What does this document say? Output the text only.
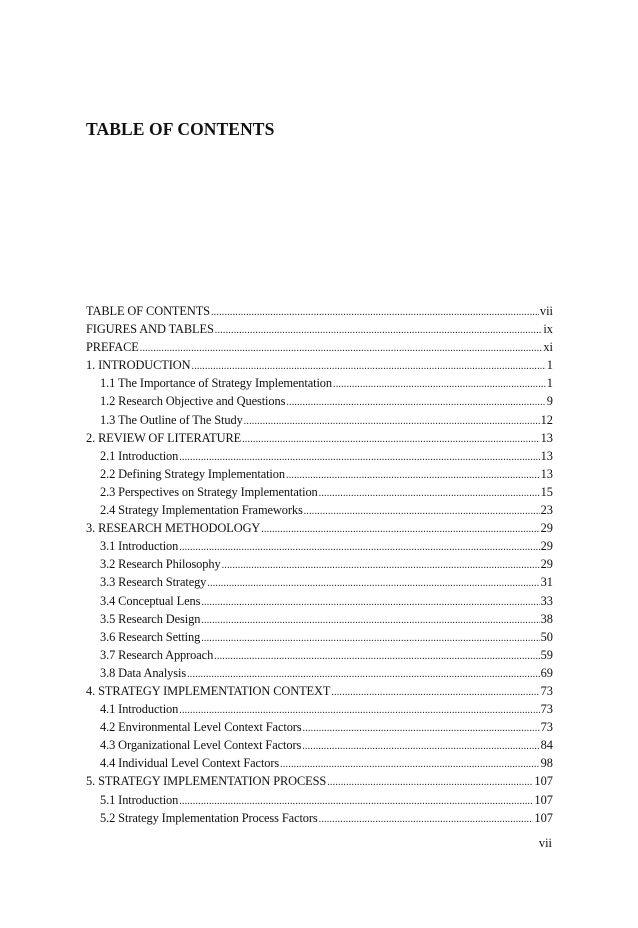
TABLE OF CONTENTS
TABLE OF CONTENTS .....	vii
FIGURES AND TABLES .....	ix
PREFACE .....	xi
1. INTRODUCTION .....	1
1.1 The Importance of Strategy Implementation .....	1
1.2 Research Objective and Questions .....	9
1.3 The Outline of The Study .....	12
2. REVIEW OF LITERATURE .....	13
2.1 Introduction .....	13
2.2 Defining Strategy Implementation .....	13
2.3 Perspectives on Strategy Implementation .....	15
2.4 Strategy Implementation Frameworks .....	23
3. RESEARCH METHODOLOGY .....	29
3.1 Introduction .....	29
3.2 Research Philosophy .....	29
3.3 Research Strategy .....	31
3.4 Conceptual Lens .....	33
3.5 Research Design .....	38
3.6 Research Setting .....	50
3.7 Research Approach .....	59
3.8 Data Analysis .....	69
4. STRATEGY IMPLEMENTATION CONTEXT .....	73
4.1 Introduction .....	73
4.2 Environmental Level Context Factors .....	73
4.3 Organizational Level Context Factors .....	84
4.4 Individual Level Context Factors .....	98
5. STRATEGY IMPLEMENTATION PROCESS .....	107
5.1 Introduction .....	107
5.2 Strategy Implementation Process Factors .....	107
vii
